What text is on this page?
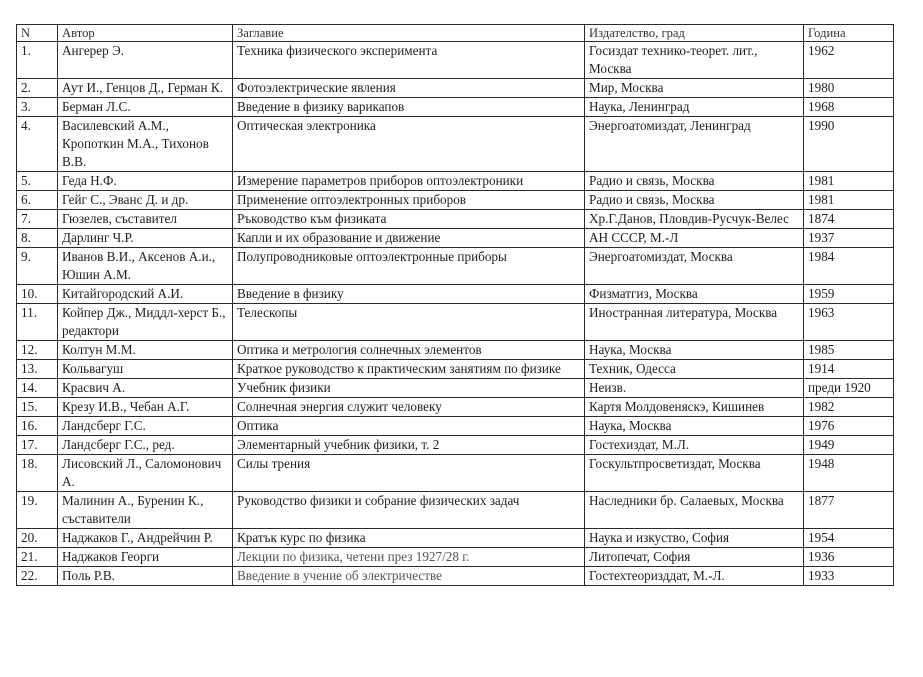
N	Автор	Заглавие	Издателство, град	Година
1.	Ангерер Э.	Техника физического эксперимента	Госиздат технико-теорет. лит., Москва	1962
2.	Аут И., Генцов Д., Герман К.	Фотоэлектрические явления	Мир, Москва	1980
3.	Берман Л.С.	Введение в физику варикапов	Наука, Ленинград	1968
4.	Василевский А.М., Кропоткин М.А., Тихонов В.В.	Оптическая электроника	Энергоатомиздат, Ленинград	1990
5.	Геда Н.Ф.	Измерение параметров приборов оптоэлектроники	Радио и связь, Москва	1981
6.	Гейг С., Эванс Д. и др.	Применение оптоэлектронных приборов	Радио и связь, Москва	1981
7.	Гюзелев, съставител	Ръководство към физиката	Хр.Г.Данов, Пловдив-Русчук-Велес	1874
8.	Дарлинг Ч.Р.	Капли и их образование и движение	АН СССР, М.-Л	1937
9.	Иванов В.И., Аксенов А.и., Юшин А.М.	Полупроводниковые оптоэлектронные приборы	Энергоатомиздат, Москва	1984
10.	Китайгородский А.И.	Введение в физику	Физматгиз, Москва	1959
11.	Койпер Дж., Миддл-херст Б., редактори	Телескопы	Иностранная литература, Москва	1963
12.	Колтун М.М.	Оптика и метрология солнечных элементов	Наука, Москва	1985
13.	Кольвагуш	Краткое руководство к практическим занятиям по физике	Техник, Одесса	1914
14.	Красвич А.	Учебник физики	Неизв.	преди 1920
15.	Крезу И.В., Чебан А.Г.	Солнечная энергия служит человеку	Картя Молдовеняскэ, Кишинев	1982
16.	Ландсберг Г.С.	Оптика	Наука, Москва	1976
17.	Ландсберг Г.С., ред.	Элементарный учебник физики, т. 2	Гостехиздат, М.Л.	1949
18.	Лисовский Л., Саломонович А.	Силы трения	Госкультпросветиздат, Москва	1948
19.	Малинин А., Буренин К., съставители	Руководство физики и собрание физических задач	Наследники бр. Салаевых, Москва	1877
20.	Наджаков Г., Андрейчин Р.	Кратък курс по физика	Наука и изкуство, София	1954
21.	Наджаков Георги	Лекции по физика, четени през 1927/28 г.	Литопечат, София	1936
22.	Поль Р.В.	Введение в учение об электричестве	Гостехтеоризддат, М.-Л.	1933
